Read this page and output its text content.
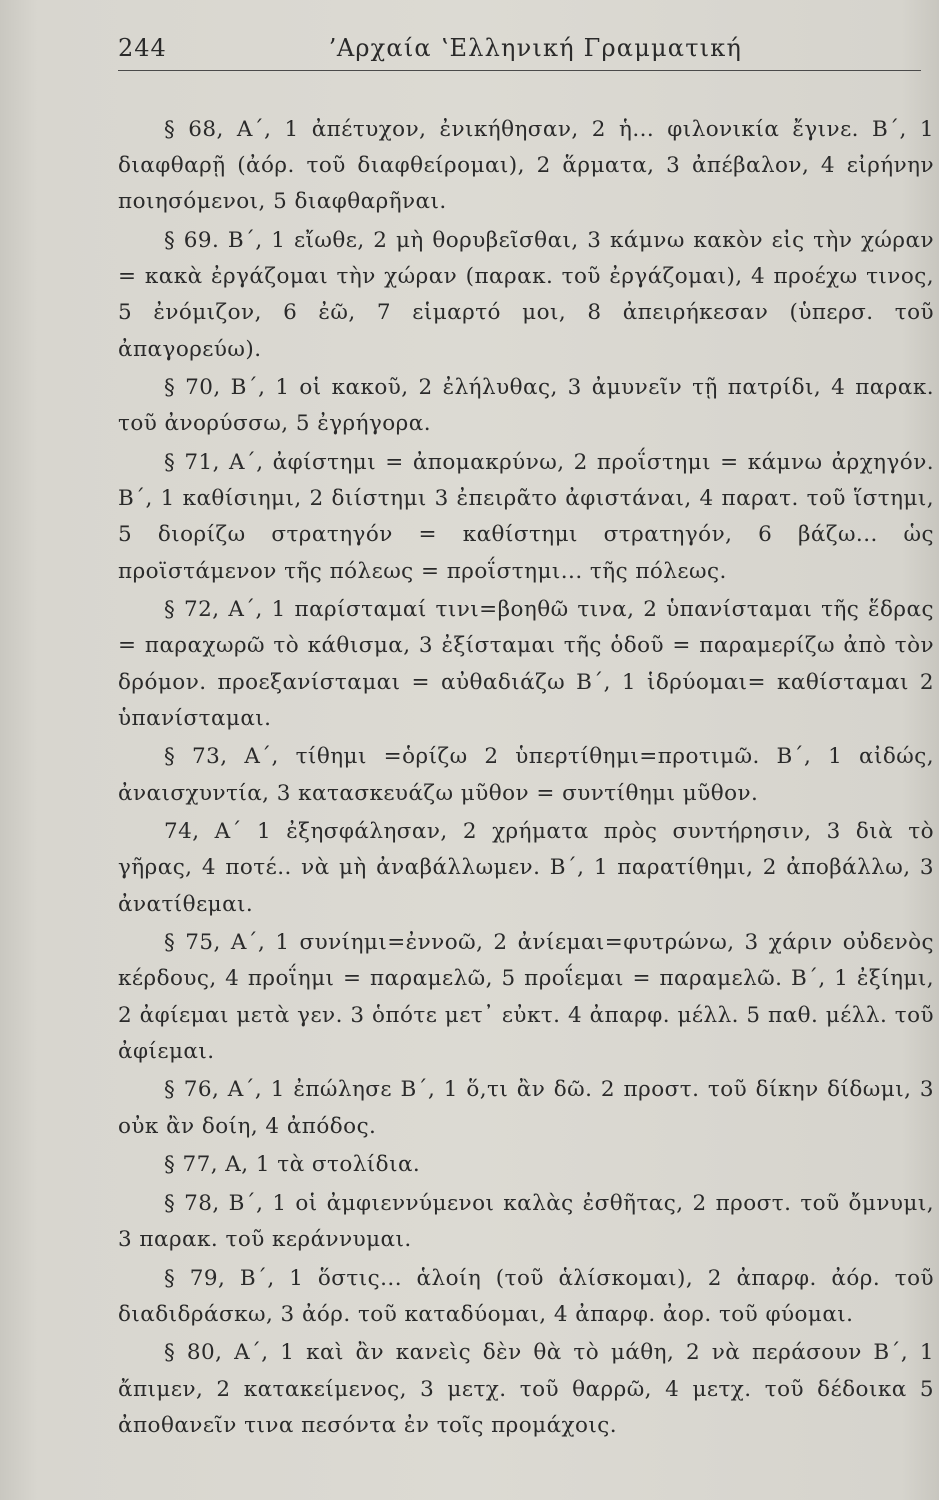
244	ʼΑρχαία ʽΕλληνική Γραμματική

§ 68, Α΄, 1 ἀπέτυχον, ἐνικήθησαν, 2 ἡ... φιλονικία ἔγινε. Β΄, 1 διαφθαρῇ (ἀόρ. τοῦ διαφθείρομαι), 2 ἅρματα, 3 ἀπέβαλον, 4 εἰρήνην ποιησόμενοι, 5 διαφθαρῆναι.

§ 69. Β΄, 1 εἴωθε, 2 μὴ θορυβεῖσθαι, 3 κάμνω κακὸν εἰς τὴν χώραν = κακὰ ἐργάζομαι τὴν χώραν (παρακ. τοῦ ἐργάζομαι), 4 προέχω τινος, 5 ἐνόμιζον, 6 ἐῶ, 7 εἱμαρτό μοι, 8 ἀπειρήκεσαν (ὑπερσ. τοῦ ἀπαγορεύω).

§ 70, Β΄, 1 οἱ κακοῦ, 2 ἐλήλυθας, 3 ἀμυνεῖν τῇ πατρίδι, 4 παρακ. τοῦ ἀνορύσσω, 5 ἐγρήγορα.

§ 71, Α΄, ἀφίστημι = ἀπομακρύνω, 2 προΐστημι = κάμνω ἀρχηγόν. Β΄, 1 καθίσιημι, 2 διίστημι 3 ἐπειρᾶτο ἀφιστάναι, 4 παρατ. τοῦ ἵστημι, 5 διορίζω στρατηγόν = καθίστημι στρατηγόν, 6 βάζω... ὡς προϊστάμενον τῆς πόλεως = προΐστημι... τῆς πόλεως.

§ 72, Α΄, 1 παρίσταμαί τινι=βοηθῶ τινα, 2 ὑπανίσταμαι τῆς ἕδρας = παραχωρῶ τὸ κάθισμα, 3 ἐξίσταμαι τῆς ὁδοῦ = παραμερίζω ἀπὸ τὸν δρόμον. προεξανίσταμαι = αὐθαδιάζω Β΄, 1 ἱδρύομαι= καθίσταμαι 2 ὑπανίσταμαι.

§ 73, Α΄, τίθημι =ὁρίζω 2 ὑπερτίθημι=προτιμῶ. Β΄, 1 αἰδώς, ἀναισχυντία, 3 κατασκευάζω μῦθον = συντίθημι μῦθον.

74, Α΄ 1 ἐξησφάλησαν, 2 χρήματα πρὸς συντήρησιν, 3 διὰ τὸ γῆρας, 4 ποτέ.. νὰ μὴ ἀναβάλλωμεν. Β΄, 1 παρατίθημι, 2 ἀποβάλλω, 3 ἀνατίθεμαι.

§ 75, Α΄, 1 συνίημι=ἐννοῶ, 2 ἀνίεμαι=φυτρώνω, 3 χάριν οὐδενὸς κέρδους, 4 προΐημι = παραμελῶ, 5 προΐεμαι = παραμελῶ. Β΄, 1 ἐξίημι, 2 ἀφίεμαι μετὰ γεν. 3 ὁπότε μετ᾽ εὐκτ. 4 ἀπαρφ. μέλλ. 5 παθ. μέλλ. τοῦ ἀφίεμαι.

§ 76, Α΄, 1 ἐπώλησε Β΄, 1 ὅ,τι ἂν δῶ. 2 προστ. τοῦ δίκην δίδωμι, 3 οὐκ ἂν δοίη, 4 ἀπόδος.

§ 77, Α, 1 τὰ στολίδια.

§ 78, Β΄, 1 οἱ ἀμφιεννύμενοι καλὰς ἐσθῆτας, 2 προστ. τοῦ ὄμνυμι, 3 παρακ. τοῦ κεράννυμαι.

§ 79, Β΄, 1 ὅστις... ἁλοίη (τοῦ ἁλίσκομαι), 2 ἀπαρφ. ἀόρ. τοῦ διαδιδράσκω, 3 ἀόρ. τοῦ καταδύομαι, 4 ἀπαρφ. ἀορ. τοῦ φύομαι.

§ 80, Α΄, 1 καὶ ἂν κανεὶς δὲν θὰ τὸ μάθη, 2 νὰ περάσουν Β΄, 1 ἄπιμεν, 2 κατακείμενος, 3 μετχ. τοῦ θαρρῶ, 4 μετχ. τοῦ δέδοικα 5 ἀποθανεῖν τινα πεσόντα ἐν τοῖς προμάχοις.
